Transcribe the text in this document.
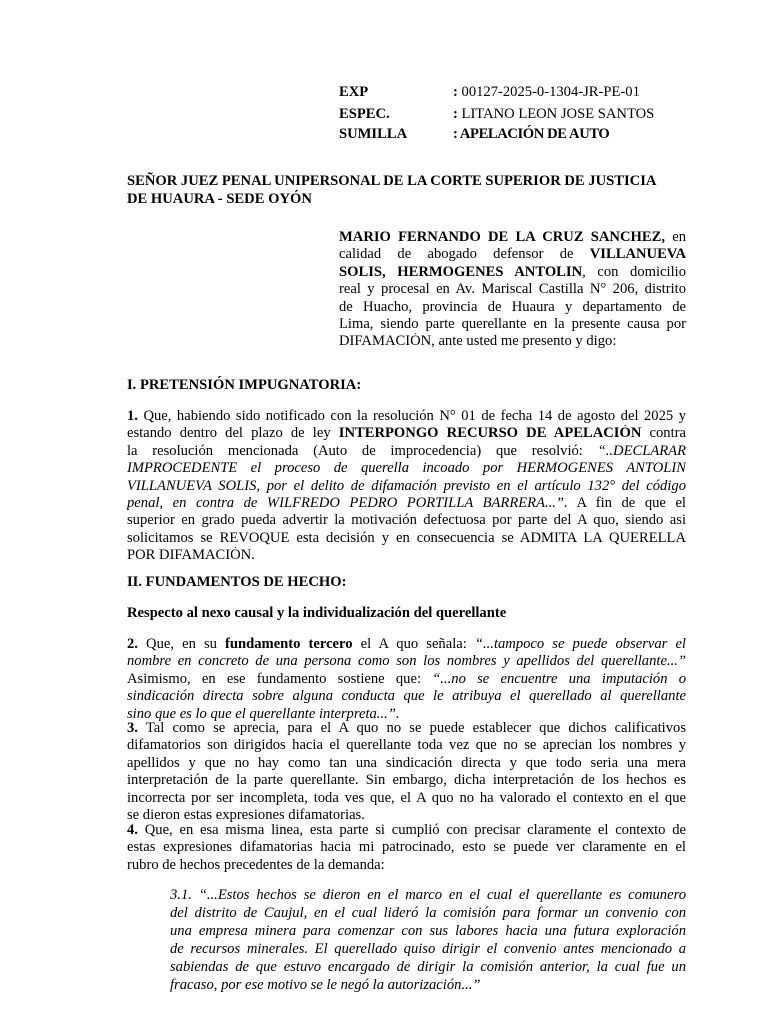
EXP	: 00127-2025-0-1304-JR-PE-01
ESPEC.	: LITANO LEON JOSE SANTOS
SUMILLA	: APELACIÓN DE AUTO
SEÑOR JUEZ PENAL UNIPERSONAL DE LA CORTE SUPERIOR DE JUSTICIA
DE HUAURA - SEDE OYÓN
MARIO FERNANDO DE LA CRUZ SANCHEZ, en
calidad de abogado defensor de VILLANUEVA
SOLIS, HERMOGENES ANTOLIN, con domicilio
real y procesal en Av. Mariscal Castilla N° 206, distrito
de Huacho, provincia de Huaura y departamento de
Lima, siendo parte querellante en la presente causa por
DIFAMACIÓN, ante usted me presento y digo:
I. PRETENSIÓN IMPUGNATORIA:
1. Que, habiendo sido notificado con la resolución N° 01 de fecha 14 de agosto del 2025 y
estando dentro del plazo de ley INTERPONGO RECURSO DE APELACIÓN contra
la resolución mencionada (Auto de improcedencia) que resolvió: “..DECLARAR
IMPROCEDENTE el proceso de querella incoado por HERMOGENES ANTOLIN
VILLANUEVA SOLIS, por el delito de difamación previsto en el artículo 132° del código
penal, en contra de WILFREDO PEDRO PORTILLA BARRERA...”. A fin de que el
superior en grado pueda advertir la motivación defectuosa por parte del A quo, siendo asi
solicitamos se REVOQUE esta decisión y en consecuencia se ADMITA LA QUERELLA
POR DIFAMACIÓN.
II. FUNDAMENTOS DE HECHO:
Respecto al nexo causal y la individualización del querellante
2. Que, en su fundamento tercero el A quo señala: “...tampoco se puede observar el
nombre en concreto de una persona como son los nombres y apellidos del querellante...”
Asimismo, en ese fundamento sostiene que: “...no se encuentre una imputación o
sindicación directa sobre alguna conducta que le atribuya el querellado al querellante
sino que es lo que el querellante interpreta...”.
3. Tal como se aprecia, para el A quo no se puede establecer que dichos calificativos
difamatorios son dirigidos hacia el querellante toda vez que no se aprecian los nombres y
apellidos y que no hay como tan una sindicación directa y que todo seria una mera
interpretación de la parte querellante. Sin embargo, dicha interpretación de los hechos es
incorrecta por ser incompleta, toda ves que, el A quo no ha valorado el contexto en el que
se dieron estas expresiones difamatorias.
4. Que, en esa misma linea, esta parte si cumplió con precisar claramente el contexto de
estas expresiones difamatorias hacia mi patrocinado, esto se puede ver claramente en el
rubro de hechos precedentes de la demanda:
3.1. “...Estos hechos se dieron en el marco en el cual el querellante es comunero
del distrito de Caujul, en el cual lideró la comisión para formar un convenio con
una empresa minera para comenzar con sus labores hacia una futura exploración
de recursos minerales. El querellado quiso dirigir el convenio antes mencionado a
sabiendas de que estuvo encargado de dirigir la comisión anterior, la cual fue un
fracaso, por ese motivo se le negó la autorización...”
